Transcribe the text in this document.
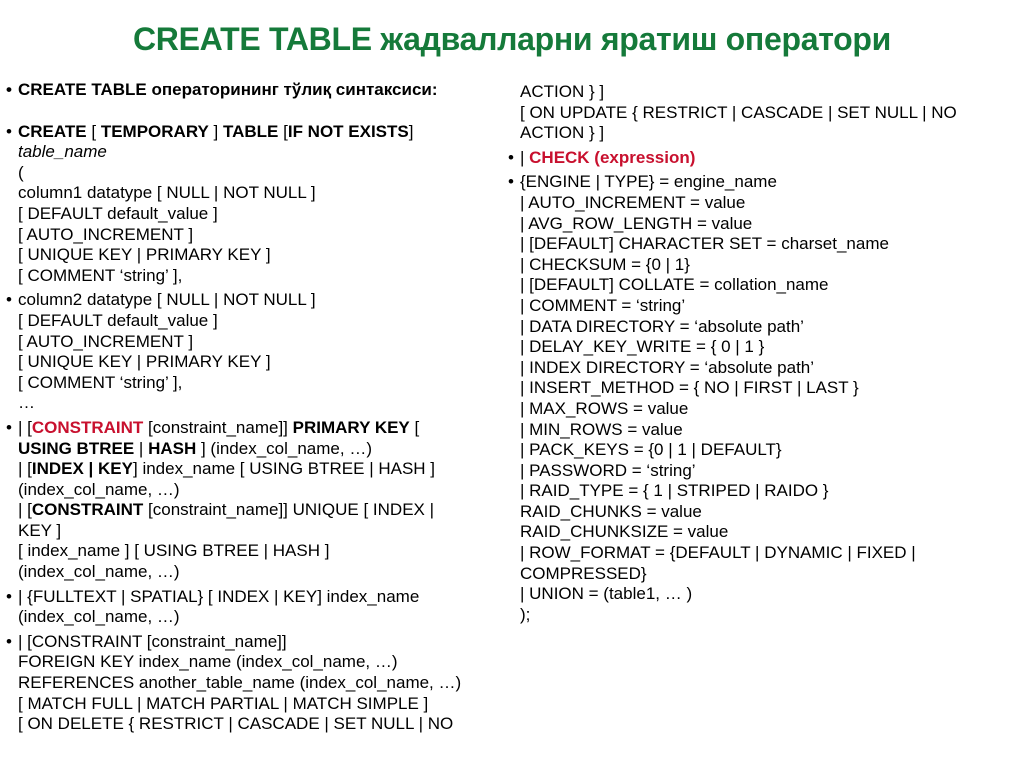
CREATE TABLE жадвалларни яратиш оператори
• CREATE TABLE операторининг тўлиқ синтаксиси:
• CREATE [ TEMPORARY ] TABLE [IF NOT EXISTS]
table_name
(
column1 datatype [ NULL | NOT NULL ]
[ DEFAULT default_value ]
[ AUTO_INCREMENT ]
[ UNIQUE KEY | PRIMARY KEY ]
[ COMMENT ‘string’ ],
• column2 datatype [ NULL | NOT NULL ]
[ DEFAULT default_value ]
[ AUTO_INCREMENT ]
[ UNIQUE KEY | PRIMARY KEY ]
[ COMMENT ‘string’ ],
…
• | [CONSTRAINT [constraint_name]] PRIMARY KEY [
USING BTREE | HASH ] (index_col_name, …)
| [INDEX | KEY] index_name [ USING BTREE | HASH ]
(index_col_name, …)
| [CONSTRAINT [constraint_name]] UNIQUE [ INDEX |
KEY ]
[ index_name ] [ USING BTREE | HASH ]
(index_col_name, …)
• | {FULLTEXT | SPATIAL} [ INDEX | KEY] index_name
(index_col_name, …)
• | [CONSTRAINT [constraint_name]]
FOREIGN KEY index_name (index_col_name, …)
REFERENCES another_table_name (index_col_name, …)
[ MATCH FULL | MATCH PARTIAL | MATCH SIMPLE ]
[ ON DELETE { RESTRICT | CASCADE | SET NULL | NO
ACTION } ]
[ ON UPDATE { RESTRICT | CASCADE | SET NULL | NO
ACTION } ]
• | CHECK (expression)
• {ENGINE | TYPE} = engine_name
| AUTO_INCREMENT = value
| AVG_ROW_LENGTH = value
| [DEFAULT] CHARACTER SET = charset_name
| CHECKSUM = {0 | 1}
| [DEFAULT] COLLATE = collation_name
| COMMENT = ‘string’
| DATA DIRECTORY = ‘absolute path’
| DELAY_KEY_WRITE = { 0 | 1 }
| INDEX DIRECTORY = ‘absolute path’
| INSERT_METHOD = { NO | FIRST | LAST }
| MAX_ROWS = value
| MIN_ROWS = value
| PACK_KEYS = {0 | 1 | DEFAULT}
| PASSWORD = ‘string’
| RAID_TYPE = { 1 | STRIPED | RAIDO }
RAID_CHUNKS = value
RAID_CHUNKSIZE = value
| ROW_FORMAT = {DEFAULT | DYNAMIC | FIXED |
COMPRESSED}
| UNION = (table1, … )
);
